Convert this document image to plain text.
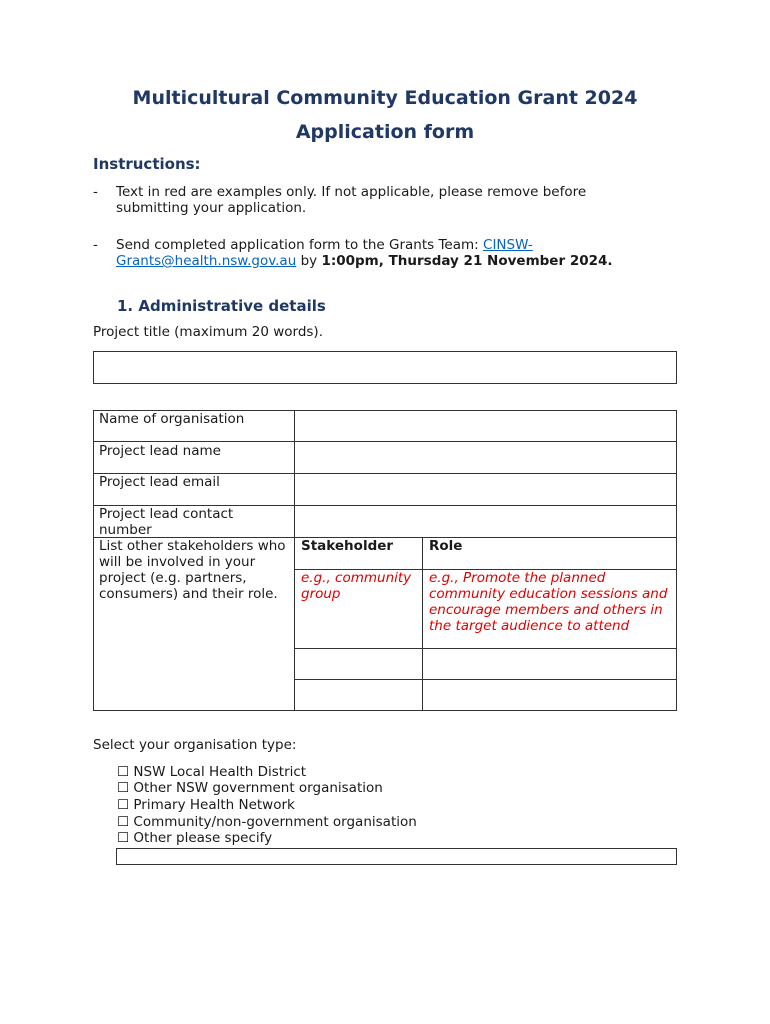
Multicultural Community Education Grant 2024
Application form
Instructions:
- Text in red are examples only. If not applicable, please remove before submitting your application.
- Send completed application form to the Grants Team: CINSW-Grants@health.nsw.gov.au by 1:00pm, Thursday 21 November 2024.
1. Administrative details
Project title (maximum 20 words).
Name of organisation
Project lead name
Project lead email
Project lead contact number
List other stakeholders who will be involved in your project (e.g. partners, consumers) and their role.
Stakeholder	Role
e.g., community group
e.g., Promote the planned community education sessions and encourage members and others in the target audience to attend
Select your organisation type:
☐ NSW Local Health District
☐ Other NSW government organisation
☐ Primary Health Network
☐ Community/non-government organisation
☐ Other please specify
